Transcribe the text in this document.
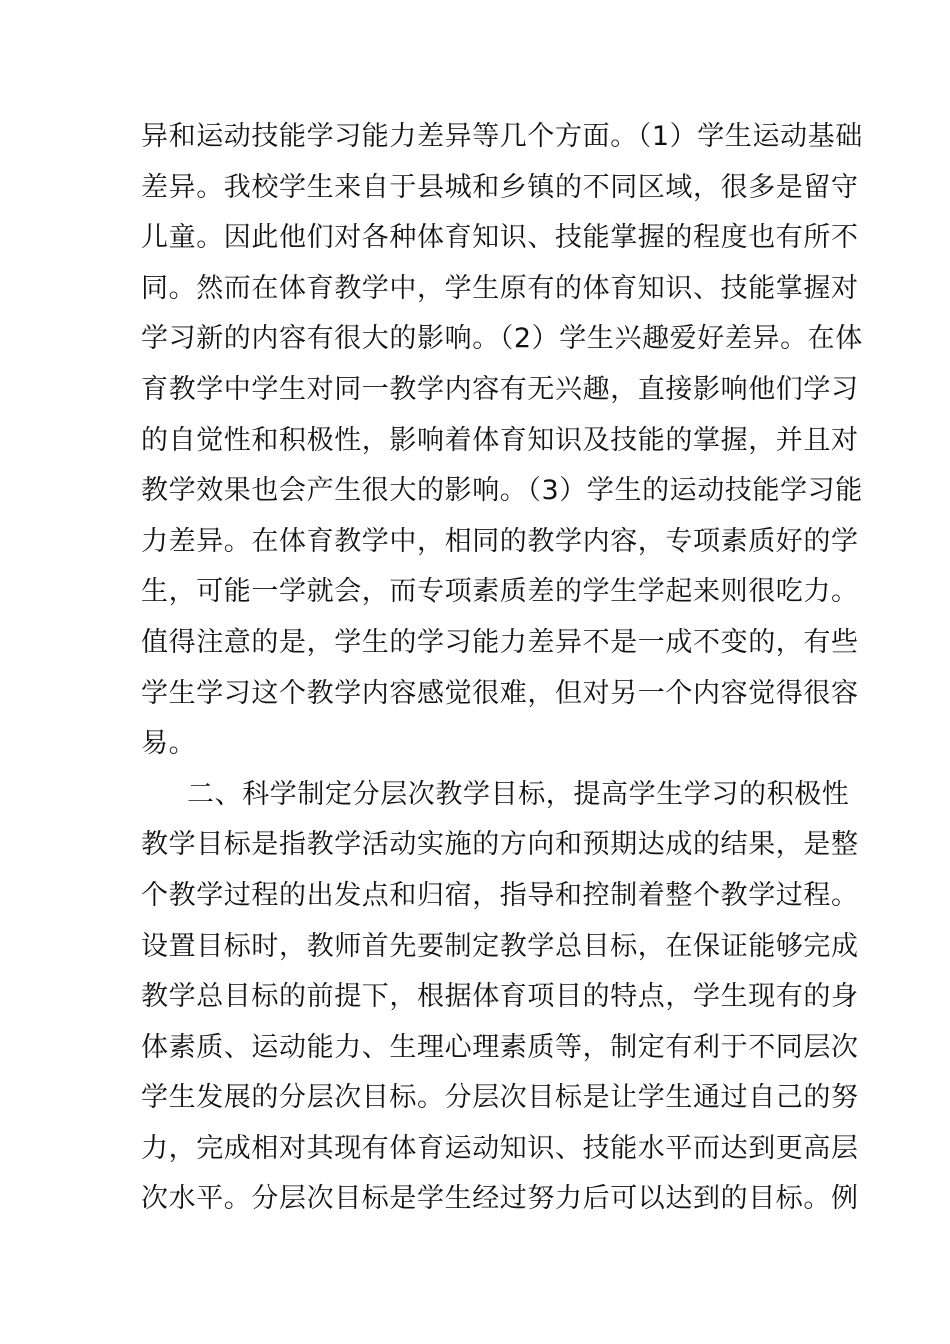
异和运动技能学习能力差异等几个方面。（1）学生运动基础
差异。我校学生来自于县城和乡镇的不同区域，很多是留守
儿童。因此他们对各种体育知识、技能掌握的程度也有所不
同。然而在体育教学中，学生原有的体育知识、技能掌握对
学习新的内容有很大的影响。（2）学生兴趣爱好差异。在体
育教学中学生对同一教学内容有无兴趣，直接影响他们学习
的自觉性和积极性，影响着体育知识及技能的掌握，并且对
教学效果也会产生很大的影响。（3）学生的运动技能学习能
力差异。在体育教学中，相同的教学内容，专项素质好的学
生，可能一学就会，而专项素质差的学生学起来则很吃力。
值得注意的是，学生的学习能力差异不是一成不变的，有些
学生学习这个教学内容感觉很难，但对另一个内容觉得很容
易。
二、科学制定分层次教学目标，提高学生学习的积极性
教学目标是指教学活动实施的方向和预期达成的结果，是整
个教学过程的出发点和归宿，指导和控制着整个教学过程。
设置目标时，教师首先要制定教学总目标，在保证能够完成
教学总目标的前提下，根据体育项目的特点，学生现有的身
体素质、运动能力、生理心理素质等，制定有利于不同层次
学生发展的分层次目标。分层次目标是让学生通过自己的努
力，完成相对其现有体育运动知识、技能水平而达到更高层
次水平。分层次目标是学生经过努力后可以达到的目标。例
